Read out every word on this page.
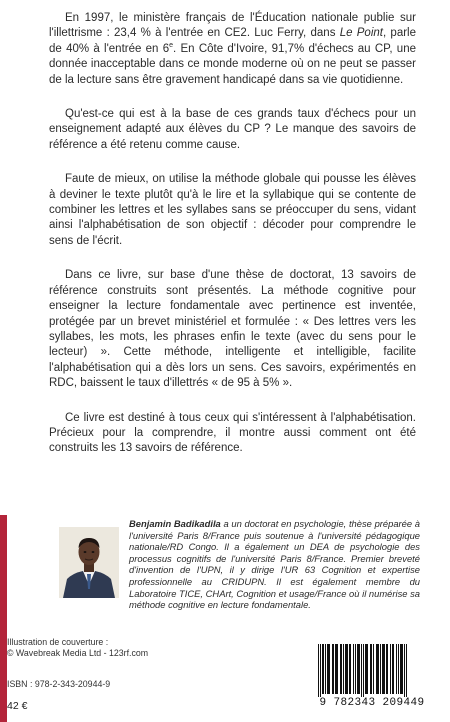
En 1997, le ministère français de l'Éducation nationale publie sur l'illettrisme : 23,4 % à l'entrée en CE2. Luc Ferry, dans Le Point, parle de 40% à l'entrée en 6e. En Côte d'Ivoire, 91,7% d'échecs au CP, une donnée inacceptable dans ce monde moderne où on ne peut se passer de la lecture sans être gravement handicapé dans sa vie quotidienne.

Qu'est-ce qui est à la base de ces grands taux d'échecs pour un enseignement adapté aux élèves du CP ? Le manque des savoirs de référence a été retenu comme cause.

Faute de mieux, on utilise la méthode globale qui pousse les élèves à deviner le texte plutôt qu'à le lire et la syllabique qui se contente de combiner les lettres et les syllabes sans se préoccuper du sens, vidant ainsi l'alphabétisation de son objectif : décoder pour comprendre le sens de l'écrit.

Dans ce livre, sur base d'une thèse de doctorat, 13 savoirs de référence construits sont présentés. La méthode cognitive pour enseigner la lecture fondamentale avec pertinence est inventée, protégée par un brevet ministériel et formulée : « Des lettres vers les syllabes, les mots, les phrases enfin le texte (avec du sens pour le lecteur) ». Cette méthode, intelligente et intelligible, facilite l'alphabétisation qui a dès lors un sens. Ces savoirs, expérimentés en RDC, baissent le taux d'illettrés « de 95 à 5% ».

Ce livre est destiné à tous ceux qui s'intéressent à l'alphabétisation. Précieux pour la comprendre, il montre aussi comment ont été construits les 13 savoirs de référence.

Benjamin Badikadila a un doctorat en psychologie, thèse préparée à l'université Paris 8/France puis soutenue à l'université pédagogique nationale/RD Congo. Il a également un DEA de psychologie des processus cognitifs de l'université Paris 8/France. Premier breveté d'invention de l'UPN, il y dirige l'UR 63 Cognition et expertise professionnelle au CRIDUPN. Il est également membre du Laboratoire TICE, CHArt, Cognition et usage/France où il numérise sa méthode cognitive en lecture fondamentale.

Illustration de couverture :
© Wavebreak Media Ltd - 123rf.com
ISBN : 978-2-343-20944-9
42 €	9 782343 209449
